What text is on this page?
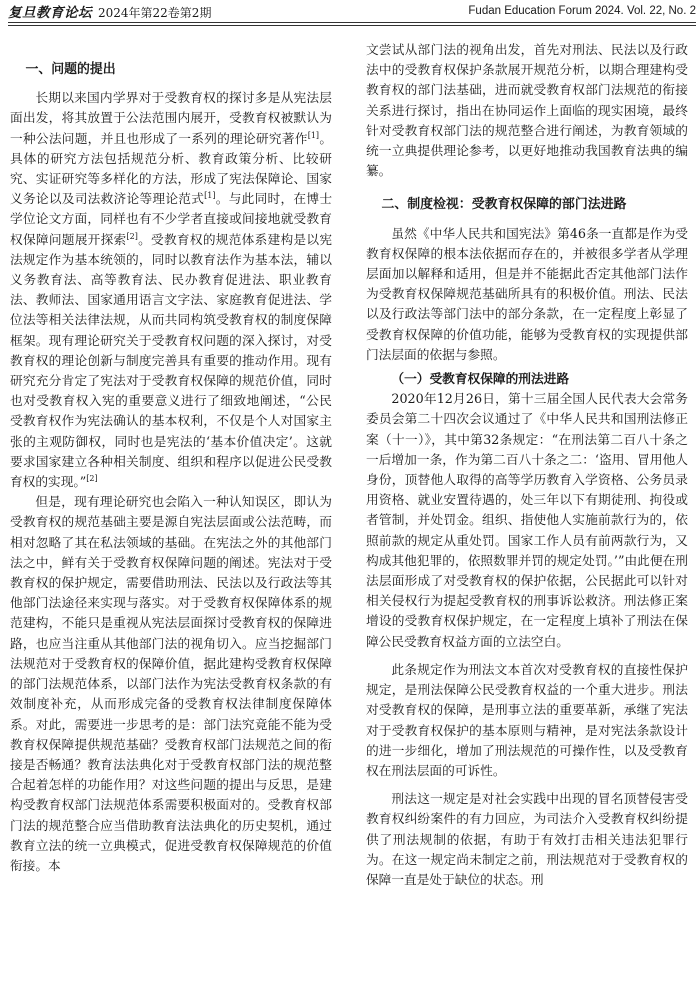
复旦教育论坛 2024年第22卷第2期	Fudan Education Forum 2024. Vol. 22, No. 2
一、问题的提出

长期以来国内学界对于受教育权的探讨多是从宪法层面出发，将其放置于公法范围内展开，受教育权被默认为一种公法问题，并且也形成了一系列的理论研究著作[1]。具体的研究方法包括规范分析、教育政策分析、比较研究、实证研究等多样化的方法，形成了宪法保障论、国家义务论以及司法救济论等理论范式[1]。与此同时，在博士学位论文方面，同样也有不少学者直接或间接地就受教育权保障问题展开探索[2]。受教育权的规范体系建构是以宪法规定作为基本统领的，同时以教育法作为基本法，辅以义务教育法、高等教育法、民办教育促进法、职业教育法、教师法、国家通用语言文字法、家庭教育促进法、学位法等相关法律法规，从而共同构筑受教育权的制度保障框架。现有理论研究关于受教育权问题的深入探讨，对受教育权的理论创新与制度完善具有重要的推动作用。现有研究充分肯定了宪法对于受教育权保障的规范价值，同时也对受教育权入宪的重要意义进行了细致地阐述，“公民受教育权作为宪法确认的基本权利，不仅是个人对国家主张的主观防御权，同时也是宪法的‘基本价值决定’。这就要求国家建立各种相关制度、组织和程序以促进公民受教育权的实现。”[2]

但是，现有理论研究也会陷入一种认知误区，即认为受教育权的规范基础主要是源自宪法层面或公法范畴，而相对忽略了其在私法领域的基础。在宪法之外的其他部门法之中，鲜有关于受教育权保障问题的阐述。宪法对于受教育权的保护规定，需要借助刑法、民法以及行政法等其他部门法途径来实现与落实。对于受教育权保障体系的规范建构，不能只是重视从宪法层面探讨受教育权的保障进路，也应当注重从其他部门法的视角切入。应当挖掘部门法规范对于受教育权的保障价值，据此建构受教育权保障的部门法规范体系，以部门法作为宪法受教育权条款的有效制度补充，从而形成完备的受教育权法律制度保障体系。对此，需要进一步思考的是：部门法究竟能不能为受教育权保障提供规范基础？受教育权部门法规范之间的衔接是否畅通？教育法法典化对于受教育权部门法的规范整合起着怎样的功能作用？对这些问题的提出与反思，是建构受教育权部门法规范体系需要积极面对的。受教育权部门法的规范整合应当借助教育法法典化的历史契机，通过教育立法的统一立典模式，促进受教育权保障规范的价值衔接。本

文尝试从部门法的视角出发，首先对刑法、民法以及行政法中的受教育权保护条款展开规范分析，以期合理建构受教育权的部门法基础，进而就受教育权部门法规范的衔接关系进行探讨，指出在协同运作上面临的现实困境，最终针对受教育权部门法的规范整合进行阐述，为教育领域的统一立典提供理论参考，以更好地推动我国教育法典的编纂。

二、制度检视：受教育权保障的部门法进路

虽然《中华人民共和国宪法》第46条一直都是作为受教育权保障的根本法依据而存在的，并被很多学者从学理层面加以解释和适用，但是并不能据此否定其他部门法作为受教育权保障规范基础所具有的积极价值。刑法、民法以及行政法等部门法中的部分条款，在一定程度上彰显了受教育权保障的价值功能，能够为受教育权的实现提供部门法层面的依据与参照。

（一）受教育权保障的刑法进路

2020年12月26日，第十三届全国人民代表大会常务委员会第二十四次会议通过了《中华人民共和国刑法修正案（十一）》，其中第32条规定：“在刑法第二百八十条之一后增加一条，作为第二百八十条之二：‘盗用、冒用他人身份，顶替他人取得的高等学历教育入学资格、公务员录用资格、就业安置待遇的，处三年以下有期徒刑、拘役或者管制，并处罚金。组织、指使他人实施前款行为的，依照前款的规定从重处罚。国家工作人员有前两款行为，又构成其他犯罪的，依照数罪并罚的规定处罚。’”由此便在刑法层面形成了对受教育权的保护依据，公民据此可以针对相关侵权行为提起受教育权的刑事诉讼救济。刑法修正案增设的受教育权保护规定，在一定程度上填补了刑法在保障公民受教育权益方面的立法空白。

此条规定作为刑法文本首次对受教育权的直接性保护规定，是刑法保障公民受教育权益的一个重大进步。刑法对受教育权的保障，是刑事立法的重要革新，承继了宪法对于受教育权保护的基本原则与精神，是对宪法条款设计的进一步细化，增加了刑法规范的可操作性，以及受教育权在刑法层面的可诉性。

刑法这一规定是对社会实践中出现的冒名顶替侵害受教育权纠纷案件的有力回应，为司法介入受教育权纠纷提供了刑法规制的依据，有助于有效打击相关违法犯罪行为。在这一规定尚未制定之前，刑法规范对于受教育权的保障一直是处于缺位的状态。刑
